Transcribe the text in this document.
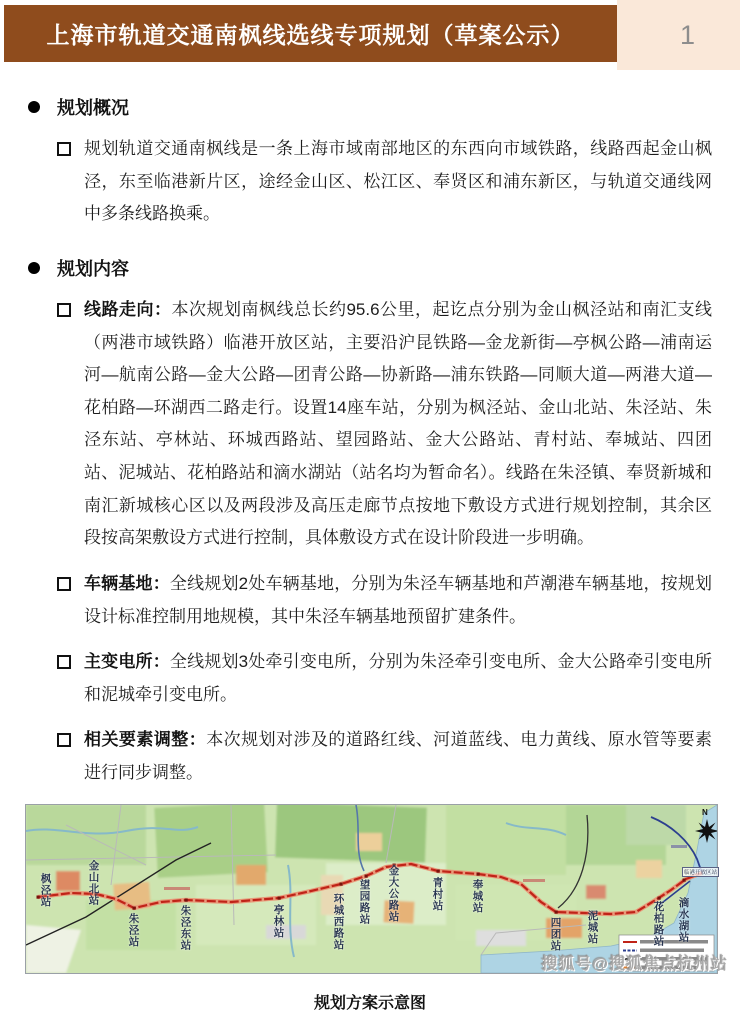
上海市轨道交通南枫线选线专项规划（草案公示）	1
规划概况
规划轨道交通南枫线是一条上海市域南部地区的东西向市域铁路，线路西起金山枫泾，东至临港新片区，途经金山区、松江区、奉贤区和浦东新区，与轨道交通线网中多条线路换乘。
规划内容
线路走向：本次规划南枫线总长约95.6公里，起讫点分别为金山枫泾站和南汇支线（两港市域铁路）临港开放区站，主要沿沪昆铁路—金龙新街—亭枫公路—浦南运河—航南公路—金大公路—团青公路—协新路—浦东铁路—同顺大道—两港大道—花柏路—环湖西二路走行。设置14座车站，分别为枫泾站、金山北站、朱泾站、朱泾东站、亭林站、环城西路站、望园路站、金大公路站、青村站、奉城站、四团站、泥城站、花柏路站和滴水湖站（站名均为暂命名）。线路在朱泾镇、奉贤新城和南汇新城核心区以及两段涉及高压走廊节点按地下敷设方式进行规划控制，其余区段按高架敷设方式进行控制，具体敷设方式在设计阶段进一步明确。
车辆基地：全线规划2处车辆基地，分别为朱泾车辆基地和芦潮港车辆基地，按规划设计标准控制用地规模，其中朱泾车辆基地预留扩建条件。
主变电所：全线规划3处牵引变电所，分别为朱泾牵引变电所、金大公路牵引变电所和泥城牵引变电所。
相关要素调整：本次规划对涉及的道路红线、河道蓝线、电力黄线、原水管等要素进行同步调整。
枫泾站	金山北站
朱泾站	朱泾东站	亭林站	环城西路站 望园路站 金大公路站	青村站	奉城站
四团站 泥城站	花柏路站 滴水湖站
临港开放区站
N
规划方案示意图
搜狐号@搜狐焦点杭州站
